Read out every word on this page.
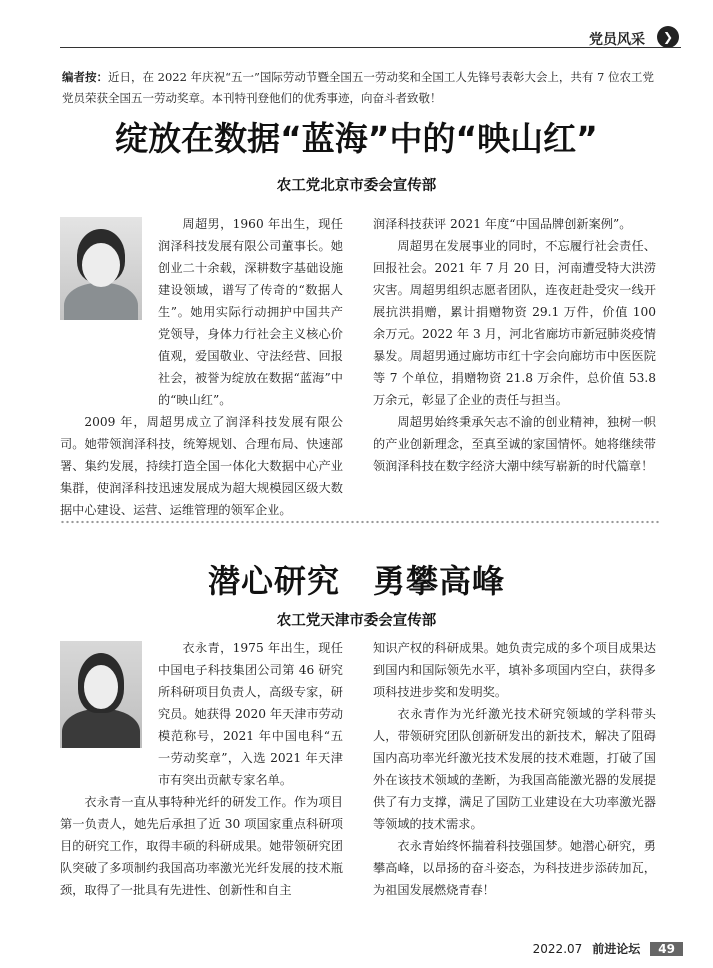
党员风采	❯
编者按：近日，在 2022 年庆祝“五一”国际劳动节暨全国五一劳动奖和全国工人先锋号表彰大会上，共有 7 位农工党党员荣获全国五一劳动奖章。本刊特刊登他们的优秀事迹，向奋斗者致敬！
绽放在数据“蓝海”中的“映山红”
农工党北京市委会宣传部

周超男，1960 年出生，现任润泽科技发展有限公司董事长。她创业二十余载，深耕数字基础设施建设领域，谱写了传奇的“数据人生”。她用实际行动拥护中国共产党领导，身体力行社会主义核心价值观，爱国敬业、守法经营、回报社会，被誉为绽放在数据“蓝海”中的“映山红”。

2009 年，周超男成立了润泽科技发展有限公司。她带领润泽科技，统筹规划、合理布局、快速部署、集约发展，持续打造全国一体化大数据中心产业集群，使润泽科技迅速发展成为超大规模园区级大数据中心建设、运营、运维管理的领军企业。

润泽科技获评 2021 年度“中国品牌创新案例”。

周超男在发展事业的同时，不忘履行社会责任、回报社会。2021 年 7 月 20 日，河南遭受特大洪涝灾害。周超男组织志愿者团队，连夜赶赴受灾一线开展抗洪捐赠，累计捐赠物资 29.1 万件，价值 100 余万元。2022 年 3 月，河北省廊坊市新冠肺炎疫情暴发。周超男通过廊坊市红十字会向廊坊市中医医院等 7 个单位，捐赠物资 21.8 万余件，总价值 53.8 万余元，彰显了企业的责任与担当。

周超男始终秉承矢志不渝的创业精神，独树一帜的产业创新理念，至真至诚的家国情怀。她将继续带领润泽科技在数字经济大潮中续写崭新的时代篇章！

潜心研究　勇攀高峰
农工党天津市委会宣传部

衣永青，1975 年出生，现任中国电子科技集团公司第 46 研究所科研项目负责人，高级专家，研究员。她获得 2020 年天津市劳动模范称号，2021 年中国电科“五一劳动奖章”，入选 2021 年天津市有突出贡献专家名单。

衣永青一直从事特种光纤的研发工作。作为项目第一负责人，她先后承担了近 30 项国家重点科研项目的研究工作，取得丰硕的科研成果。她带领研究团队突破了多项制约我国高功率激光光纤发展的技术瓶颈，取得了一批具有先进性、创新性和自主

知识产权的科研成果。她负责完成的多个项目成果达到国内和国际领先水平，填补多项国内空白，获得多项科技进步奖和发明奖。

衣永青作为光纤激光技术研究领域的学科带头人，带领研究团队创新研发出的新技术，解决了阻碍国内高功率光纤激光技术发展的技术难题，打破了国外在该技术领域的垄断，为我国高能激光器的发展提供了有力支撑，满足了国防工业建设在大功率激光器等领域的技术需求。

衣永青始终怀揣着科技强国梦。她潜心研究，勇攀高峰，以昂扬的奋斗姿态，为科技进步添砖加瓦，为祖国发展燃烧青春！

2022.07 前进论坛 49
